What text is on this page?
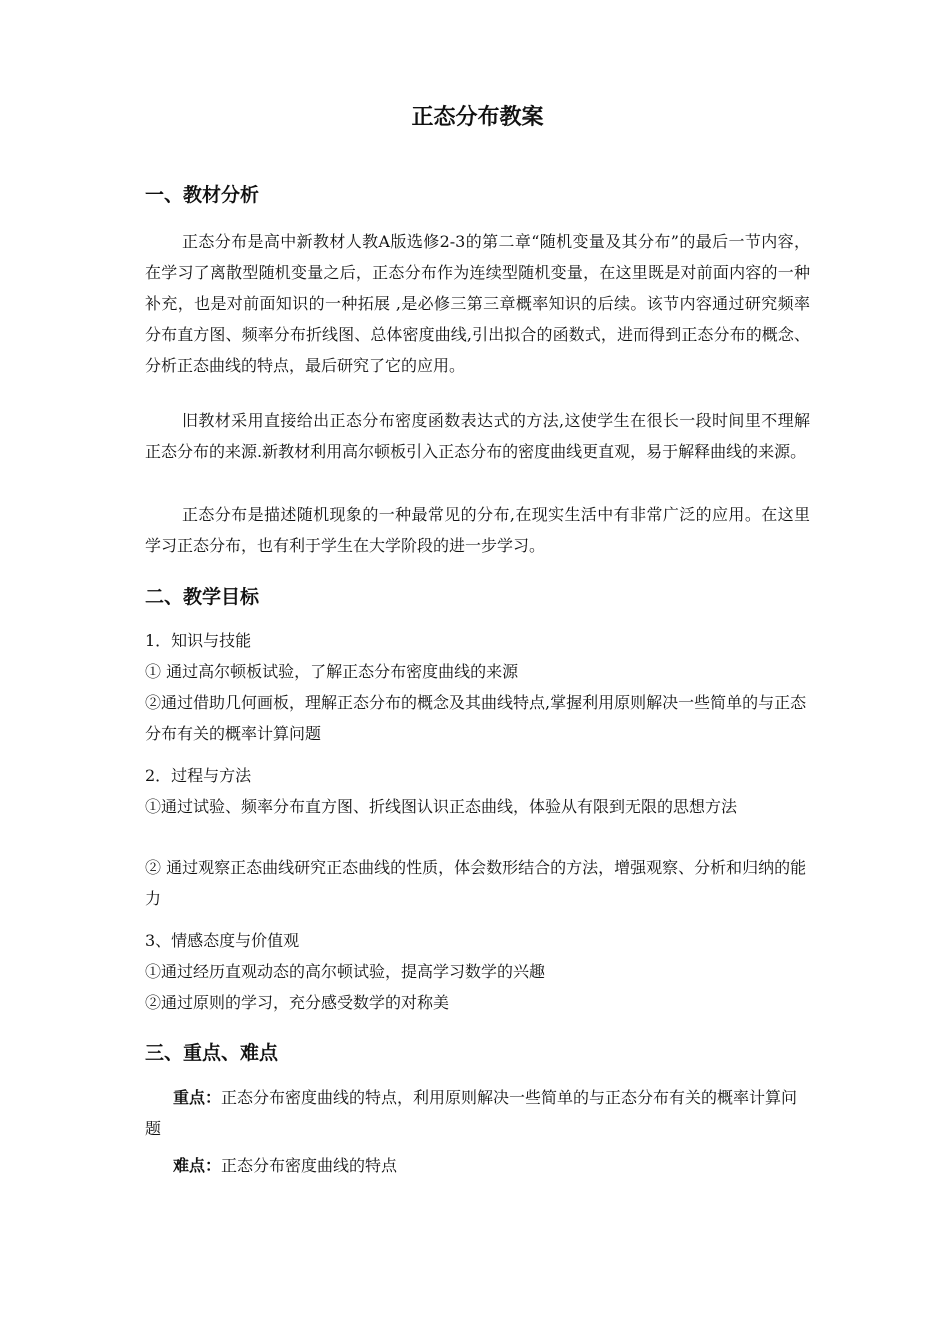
正态分布教案
一、教材分析

正态分布是高中新教材人教A版选修2-3的第二章“随机变量及其分布”的最后一节内容，在学习了离散型随机变量之后，正态分布作为连续型随机变量，在这里既是对前面内容的一种补充，也是对前面知识的一种拓展 ,是必修三第三章概率知识的后续。该节内容通过研究频率分布直方图、频率分布折线图、总体密度曲线,引出拟合的函数式，进而得到正态分布的概念、分析正态曲线的特点，最后研究了它的应用。

旧教材采用直接给出正态分布密度函数表达式的方法,这使学生在很长一段时间里不理解正态分布的来源.新教材利用高尔顿板引入正态分布的密度曲线更直观，易于解释曲线的来源。

正态分布是描述随机现象的一种最常见的分布,在现实生活中有非常广泛的应用。在这里学习正态分布，也有利于学生在大学阶段的进一步学习。

二、教学目标

1．知识与技能

① 通过高尔顿板试验，了解正态分布密度曲线的来源

②通过借助几何画板，理解正态分布的概念及其曲线特点,掌握利用原则解决一些简单的与正态分布有关的概率计算问题

2．过程与方法

①通过试验、频率分布直方图、折线图认识正态曲线，体验从有限到无限的思想方法

② 通过观察正态曲线研究正态曲线的性质，体会数形结合的方法，增强观察、分析和归纳的能力

3、情感态度与价值观

①通过经历直观动态的高尔顿试验，提高学习数学的兴趣

②通过原则的学习，充分感受数学的对称美

三、重点、难点

重点：正态分布密度曲线的特点，利用原则解决一些简单的与正态分布有关的概率计算问题

难点：正态分布密度曲线的特点
